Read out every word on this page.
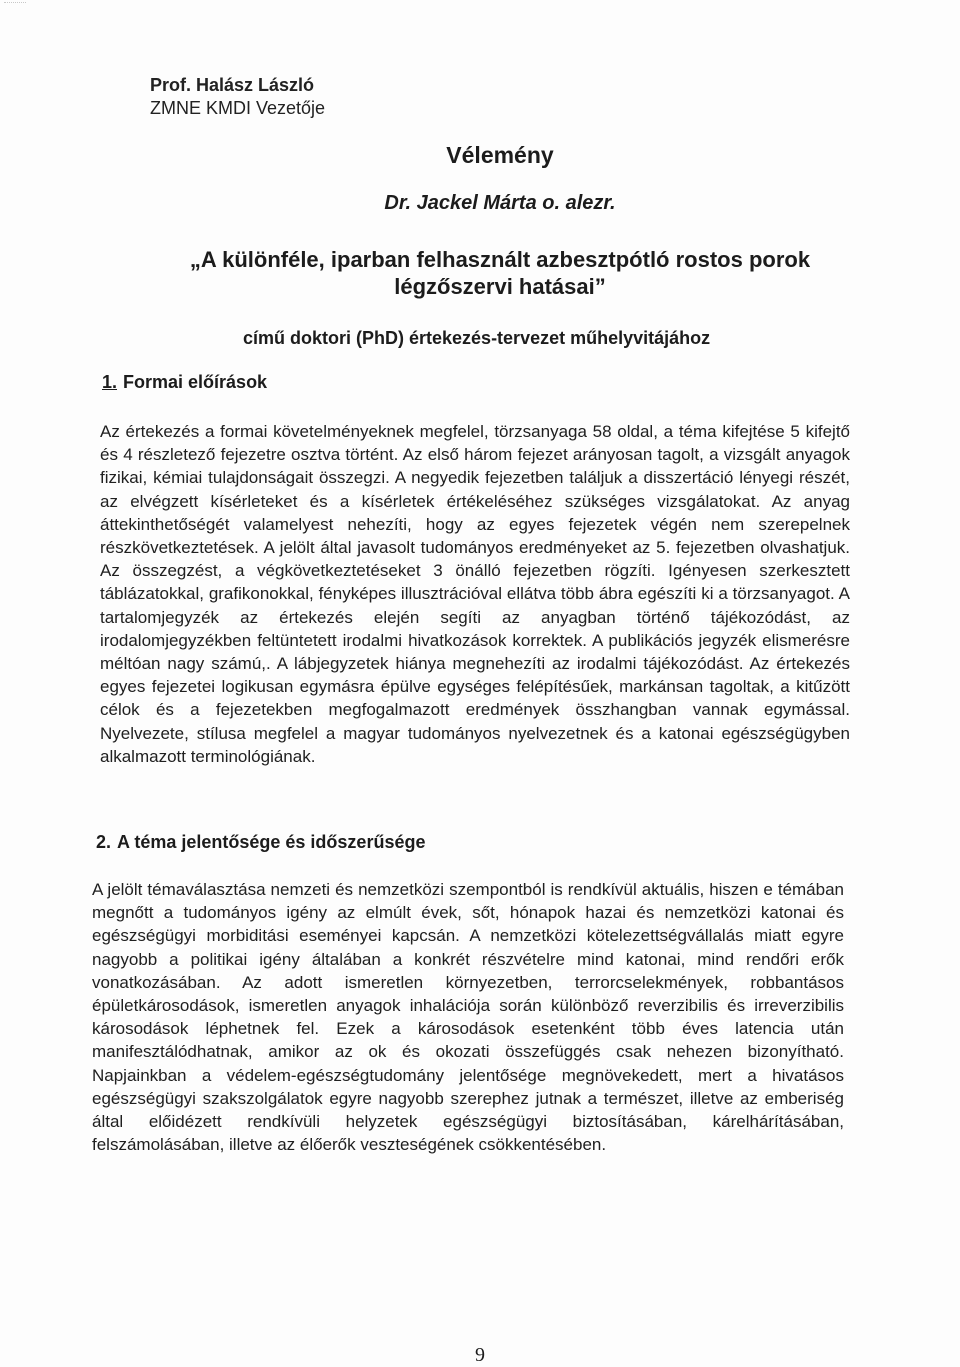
Prof. Halász László
ZMNE KMDI Vezetője
Vélemény
Dr. Jackel Márta o. alezr.
„A különféle, iparban felhasznált azbesztpótló rostos porok
légzőszervi hatásai”
című doktori (PhD) értekezés-tervezet műhelyvitájához
1. Formai előírások
Az értekezés a formai követelményeknek megfelel, törzsanyaga 58 oldal, a téma kifejtése 5 kifejtő és 4 részletező fejezetre osztva történt. Az első három fejezet arányosan tagolt, a vizsgált anyagok fizikai, kémiai tulajdonságait összegzi. A negyedik fejezetben találjuk a disszertáció lényegi részét, az elvégzett kísérleteket és a kísérletek értékeléséhez szükséges vizsgálatokat. Az anyag áttekinthetőségét valamelyest nehezíti, hogy az egyes fejezetek végén nem szerepelnek részkövetkeztetések. A jelölt által javasolt tudományos eredményeket az 5. fejezetben olvashatjuk. Az összegzést, a végkövetkeztetéseket 3 önálló fejezetben rögzíti. Igényesen szerkesztett táblázatokkal, grafikonokkal, fényképes illusztrációval ellátva több ábra egészíti ki a törzsanyagot. A tartalomjegyzék az értekezés elején segíti az anyagban történő tájékozódást, az irodalomjegyzékben feltüntetett irodalmi hivatkozások korrektek. A publikációs jegyzék elismerésre méltóan nagy számú,. A lábjegyzetek hiánya megnehezíti az irodalmi tájékozódást. Az értekezés egyes fejezetei logikusan egymásra épülve egységes felépítésűek, markánsan tagoltak, a kitűzött célok és a fejezetekben megfogalmazott eredmények összhangban vannak egymással. Nyelvezete, stílusa megfelel a magyar tudományos nyelvezetnek és a katonai egészségügyben alkalmazott terminológiának.
2. A téma jelentősége és időszerűsége
A jelölt témaválasztása nemzeti és nemzetközi szempontból is rendkívül aktuális, hiszen e témában megnőtt a tudományos igény az elmúlt évek, sőt, hónapok hazai és nemzetközi katonai és egészségügyi morbiditási eseményei kapcsán. A nemzetközi kötelezettségvállalás miatt egyre nagyobb a politikai igény általában a konkrét részvételre mind katonai, mind rendőri erők vonatkozásában. Az adott ismeretlen környezetben, terrorcselekmények, robbantásos épületkárosodások, ismeretlen anyagok inhalációja során különböző reverzibilis és irreverzibilis károsodások léphetnek fel. Ezek a károsodások esetenként több éves latencia után manifesztálódhatnak, amikor az ok és okozati összefüggés csak nehezen bizonyítható. Napjainkban a védelem-egészségtudomány jelentősége megnövekedett, mert a hivatásos egészségügyi szakszolgálatok egyre nagyobb szerephez jutnak a természet, illetve az emberiség által előidézett rendkívüli helyzetek egészségügyi biztosításában, kárelhárításában, felszámolásában, illetve az élőerők veszteségének csökkentésében.
9
